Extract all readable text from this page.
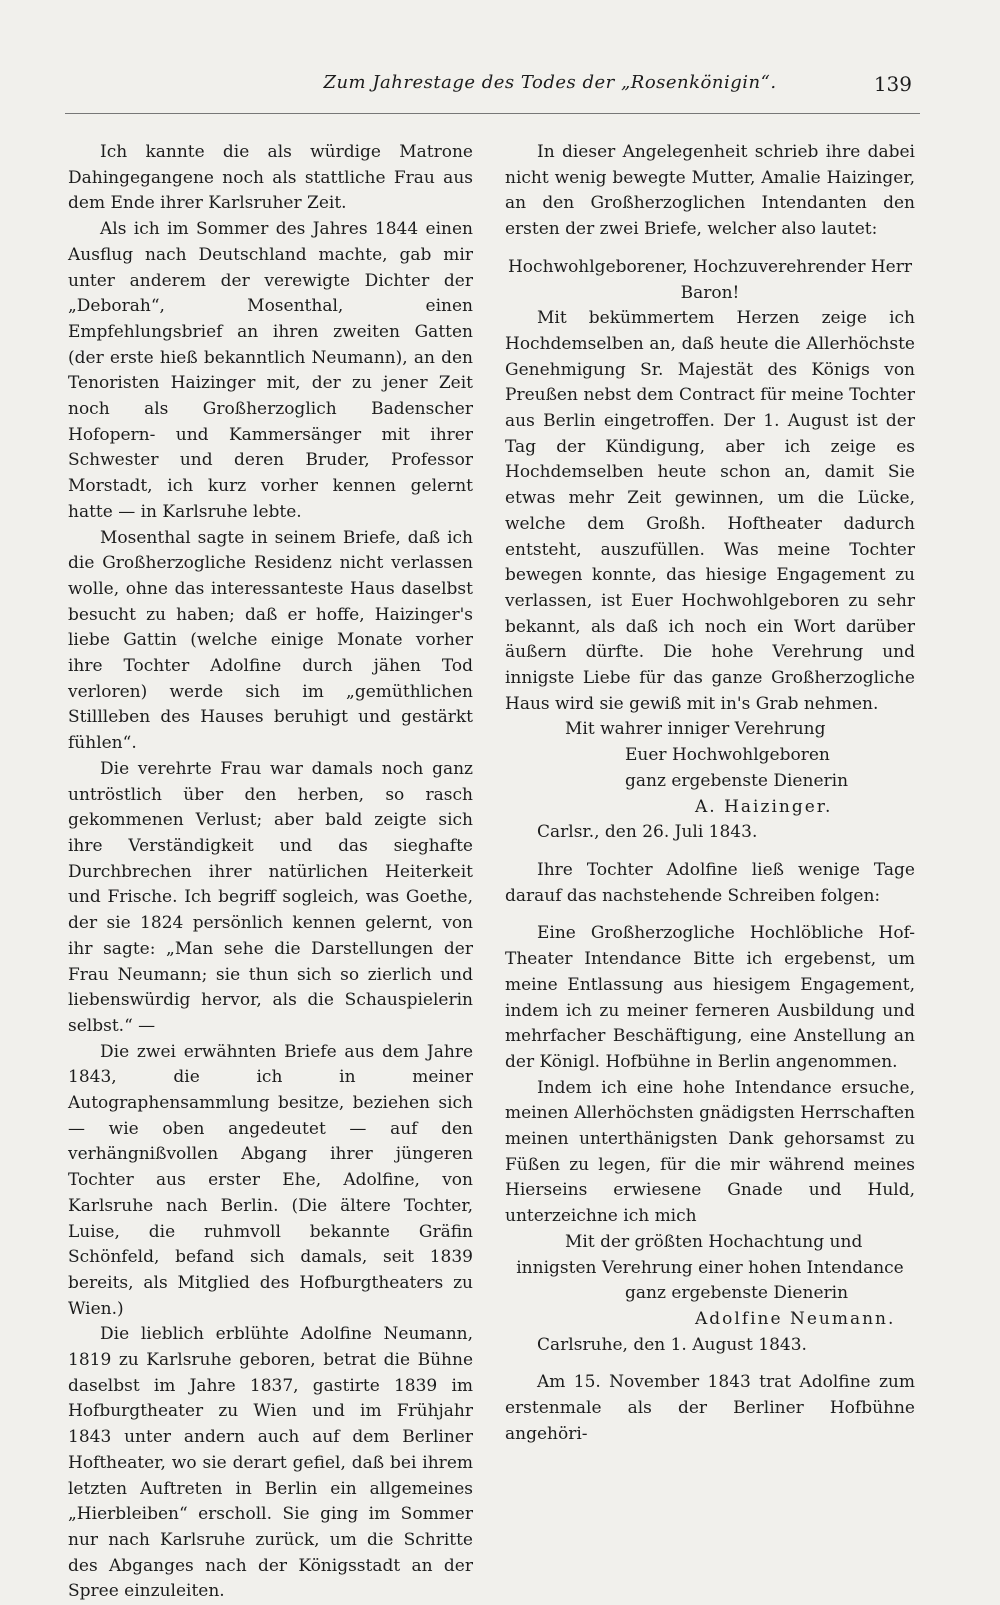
Zum Jahrestage des Todes der „Rosenkönigin“.	139

Ich kannte die als würdige Matrone Dahingegangene noch als stattliche Frau aus dem Ende ihrer Karlsruher Zeit.

Als ich im Sommer des Jahres 1844 einen Ausflug nach Deutschland machte, gab mir unter anderem der verewigte Dichter der „Deborah“, Mosenthal, einen Empfehlungsbrief an ihren zweiten Gatten (der erste hieß bekanntlich Neumann), an den Tenoristen Haizinger mit, der zu jener Zeit noch als Großherzoglich Badenscher Hofopern- und Kammersänger mit ihrer Schwester und deren Bruder, Professor Morstadt, ich kurz vorher kennen gelernt hatte — in Karlsruhe lebte.

Mosenthal sagte in seinem Briefe, daß ich die Großherzogliche Residenz nicht verlassen wolle, ohne das interessanteste Haus daselbst besucht zu haben; daß er hoffe, Haizinger's liebe Gattin (welche einige Monate vorher ihre Tochter Adolfine durch jähen Tod verloren) werde sich im „gemüthlichen Stillleben des Hauses beruhigt und gestärkt fühlen“.

Die verehrte Frau war damals noch ganz untröstlich über den herben, so rasch gekommenen Verlust; aber bald zeigte sich ihre Verständigkeit und das sieghafte Durchbrechen ihrer natürlichen Heiterkeit und Frische. Ich begriff sogleich, was Goethe, der sie 1824 persönlich kennen gelernt, von ihr sagte: „Man sehe die Darstellungen der Frau Neumann; sie thun sich so zierlich und liebenswürdig hervor, als die Schauspielerin selbst.“ —

Die zwei erwähnten Briefe aus dem Jahre 1843, die ich in meiner Autographensammlung besitze, beziehen sich — wie oben angedeutet — auf den verhängnißvollen Abgang ihrer jüngeren Tochter aus erster Ehe, Adolfine, von Karlsruhe nach Berlin. (Die ältere Tochter, Luise, die ruhmvoll bekannte Gräfin Schönfeld, befand sich damals, seit 1839 bereits, als Mitglied des Hofburgtheaters zu Wien.)

Die lieblich erblühte Adolfine Neumann, 1819 zu Karlsruhe geboren, betrat die Bühne daselbst im Jahre 1837, gastirte 1839 im Hofburgtheater zu Wien und im Frühjahr 1843 unter andern auch auf dem Berliner Hoftheater, wo sie derart gefiel, daß bei ihrem letzten Auftreten in Berlin ein allgemeines „Hierbleiben“ erscholl. Sie ging im Sommer nur nach Karlsruhe zurück, um die Schritte des Abganges nach der Königsstadt an der Spree einzuleiten.

In dieser Angelegenheit schrieb ihre dabei nicht wenig bewegte Mutter, Amalie Haizinger, an den Großherzoglichen Intendanten den ersten der zwei Briefe, welcher also lautet:

Hochwohlgeborener, Hochzuverehrender Herr Baron!

Mit bekümmertem Herzen zeige ich Hochdemselben an, daß heute die Allerhöchste Genehmigung Sr. Majestät des Königs von Preußen nebst dem Contract für meine Tochter aus Berlin eingetroffen. Der 1. August ist der Tag der Kündigung, aber ich zeige es Hochdemselben heute schon an, damit Sie etwas mehr Zeit gewinnen, um die Lücke, welche dem Großh. Hoftheater dadurch entsteht, auszufüllen. Was meine Tochter bewegen konnte, das hiesige Engagement zu verlassen, ist Euer Hochwohlgeboren zu sehr bekannt, als daß ich noch ein Wort darüber äußern dürfte. Die hohe Verehrung und innigste Liebe für das ganze Großherzogliche Haus wird sie gewiß mit in's Grab nehmen.

Mit wahrer inniger Verehrung

Euer Hochwohlgeboren

ganz ergebenste Dienerin

A. Haizinger.

Carlsr., den 26. Juli 1843.

Ihre Tochter Adolfine ließ wenige Tage darauf das nachstehende Schreiben folgen:

Eine Großherzogliche Hochlöbliche Hof-Theater Intendance Bitte ich ergebenst, um meine Entlassung aus hiesigem Engagement, indem ich zu meiner ferneren Ausbildung und mehrfacher Beschäftigung, eine Anstellung an der Königl. Hofbühne in Berlin angenommen.

Indem ich eine hohe Intendance ersuche, meinen Allerhöchsten gnädigsten Herrschaften meinen unterthänigsten Dank gehorsamst zu Füßen zu legen, für die mir während meines Hierseins erwiesene Gnade und Huld, unterzeichne ich mich

Mit der größten Hochachtung und

innigsten Verehrung einer hohen Intendance

ganz ergebenste Dienerin

Adolfine Neumann.

Carlsruhe, den 1. August 1843.

Am 15. November 1843 trat Adolfine zum erstenmale als der Berliner Hofbühne angehöri-
